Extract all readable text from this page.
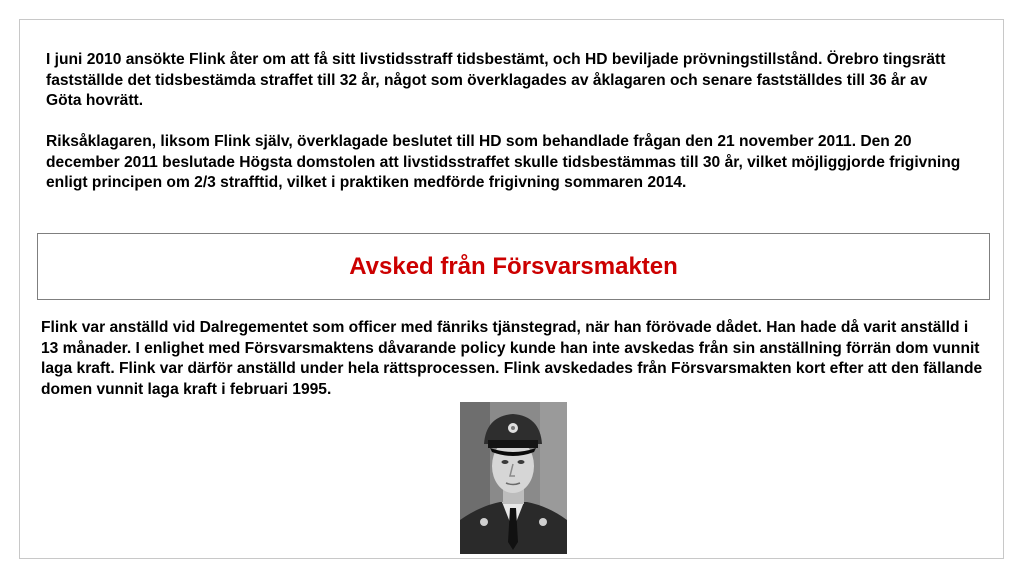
I juni 2010 ansökte Flink åter om att få sitt livstidsstraff tidsbestämt, och HD beviljade prövningstillstånd. Örebro tingsrätt fastställde det tidsbestämda straffet till 32 år, något som överklagades av åklagaren och senare fastställdes till 36 år av Göta hovrätt.

Riksåklagaren, liksom Flink själv, överklagade beslutet till HD som behandlade frågan den 21 november 2011. Den 20 december 2011 beslutade Högsta domstolen att livstidsstraffet skulle tidsbestämmas till 30 år, vilket möjliggjorde frigivning enligt principen om 2/3 strafftid, vilket i praktiken medförde frigivning sommaren 2014.

Avsked från Försvarsmakten

Flink var anställd vid Dalregementet som officer med fänriks tjänstegrad, när han förövade dådet. Han hade då varit anställd i 13 månader. I enlighet med Försvarsmaktens dåvarande policy kunde han inte avskedas från sin anställning förrän dom vunnit laga kraft. Flink var därför anställd under hela rättsprocessen. Flink avskedades från Försvarsmakten kort efter att den fällande domen vunnit laga kraft i februari 1995.
